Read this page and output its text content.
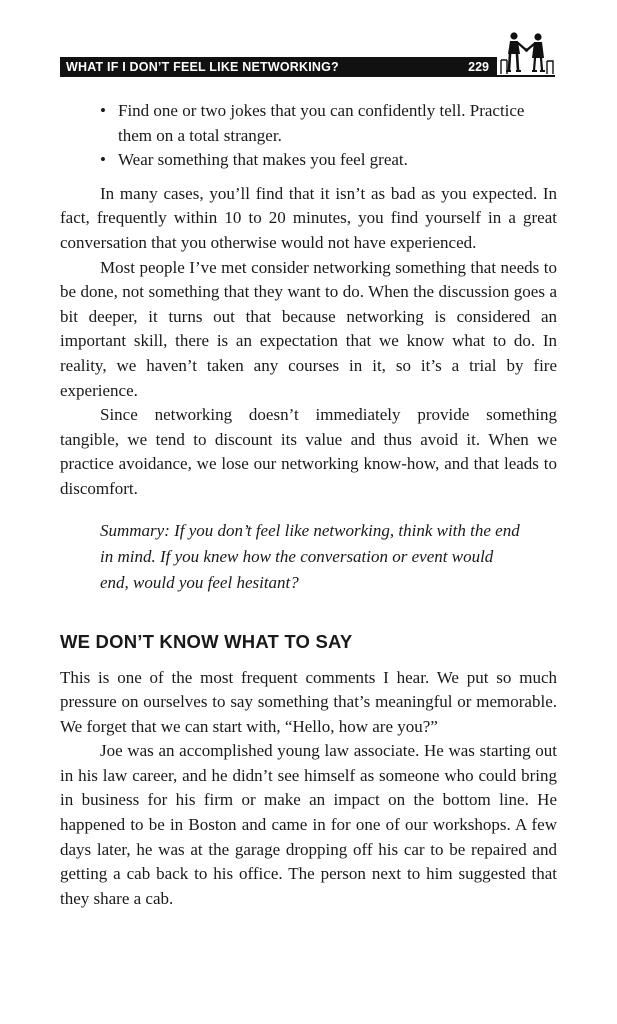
WHAT IF I DON’T FEEL LIKE NETWORKING?	229
• Find one or two jokes that you can confidently tell. Practice them on a total stranger.
• Wear something that makes you feel great.

In many cases, you’ll find that it isn’t as bad as you expected. In fact, frequently within 10 to 20 minutes, you find yourself in a great conversation that you otherwise would not have experienced.

Most people I’ve met consider networking something that needs to be done, not something that they want to do. When the discussion goes a bit deeper, it turns out that because networking is considered an important skill, there is an expectation that we know what to do. In reality, we haven’t taken any courses in it, so it’s a trial by fire experience.

Since networking doesn’t immediately provide something tangible, we tend to discount its value and thus avoid it. When we practice avoidance, we lose our networking know-how, and that leads to discomfort.

Summary: If you don’t feel like networking, think with the end in mind. If you knew how the conversation or event would end, would you feel hesitant?

WE DON’T KNOW WHAT TO SAY

This is one of the most frequent comments I hear. We put so much pressure on ourselves to say something that’s meaningful or memorable. We forget that we can start with, “Hello, how are you?”

Joe was an accomplished young law associate. He was starting out in his law career, and he didn’t see himself as someone who could bring in business for his firm or make an impact on the bottom line. He happened to be in Boston and came in for one of our workshops. A few days later, he was at the garage dropping off his car to be repaired and getting a cab back to his office. The person next to him suggested that they share a cab.
